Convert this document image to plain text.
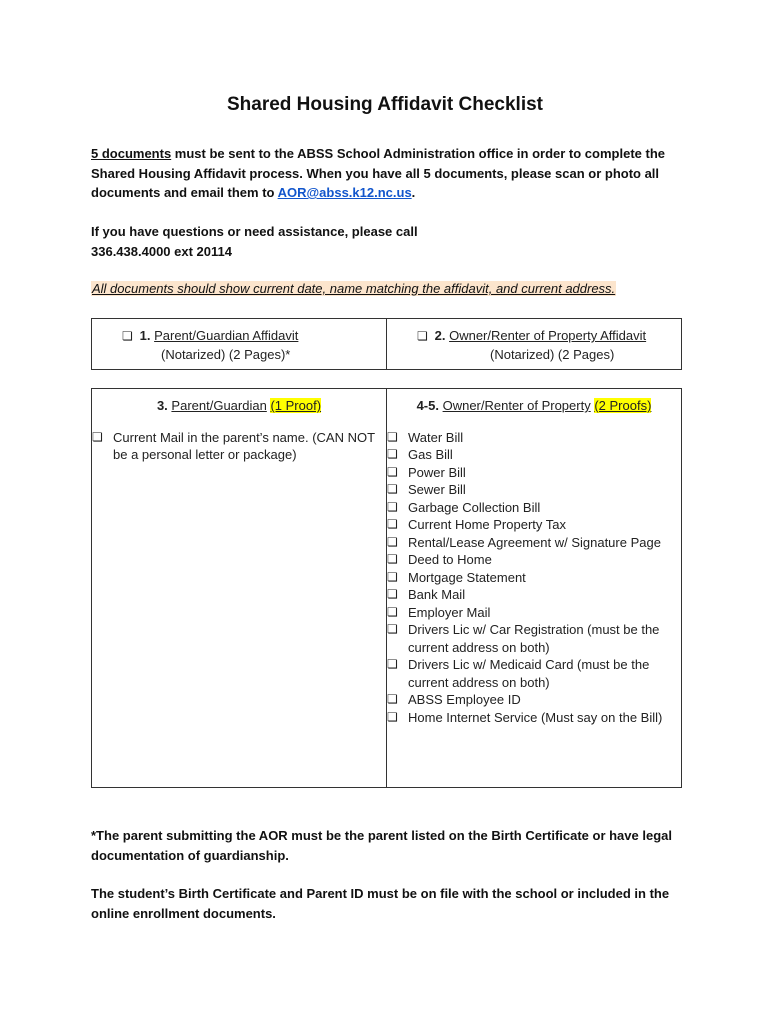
Shared Housing Affidavit Checklist
5 documents must be sent to the ABSS School Administration office in order to complete the Shared Housing Affidavit process. When you have all 5 documents, please scan or photo all documents and email them to AOR@abss.k12.nc.us.
If you have questions or need assistance, please call
336.438.4000 ext 20114
All documents should show current date, name matching the affidavit, and current address.
❏ 1. Parent/Guardian Affidavit
(Notarized) (2 Pages)*

❏ 2. Owner/Renter of Property Affidavit
(Notarized) (2 Pages)
3. Parent/Guardian (1 Proof)
❏ Current Mail in the parent’s name. (CAN NOT be a personal letter or package)

4-5. Owner/Renter of Property (2 Proofs)
❏ Water Bill
❏ Gas Bill
❏ Power Bill
❏ Sewer Bill
❏ Garbage Collection Bill
❏ Current Home Property Tax
❏ Rental/Lease Agreement w/ Signature Page
❏ Deed to Home
❏ Mortgage Statement
❏ Bank Mail
❏ Employer Mail
❏ Drivers Lic w/ Car Registration (must be the current address on both)
❏ Drivers Lic w/ Medicaid Card (must be the current address on both)
❏ ABSS Employee ID
❏ Home Internet Service (Must say on the Bill)
*The parent submitting the AOR must be the parent listed on the Birth Certificate or have legal documentation of guardianship.
The student’s Birth Certificate and Parent ID must be on file with the school or included in the online enrollment documents.
